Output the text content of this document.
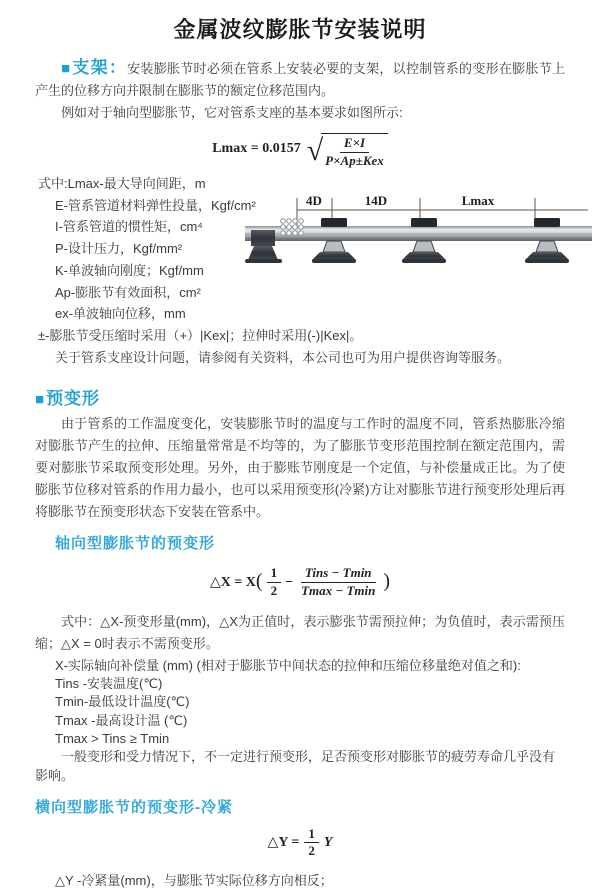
金属波纹膨胀节安装说明

■支架：安装膨胀节时必须在管系上安装必要的支架，以控制管系的变形在膨胀节上产生的位移方向并限制在膨胀节的额定位移范围内。

例如对于轴向型膨胀节，它对管系支座的基本要求如图所示:
Lmax = 0.0157 √
$\frac{E\times I}{\text{P×Ap±Kex}}$
式中:Lmax-最大导向间距，m
E-管系管道材料弹性投量，Kgf/cm²
I-管系管道的惯性矩，cm⁴
P-设计压力，Kgf/mm²
K-单波轴向刚度；Kgf/mm
Ap-膨胀节有效面积，cm²
ex-单波轴向位移，mm
±-膨胀节受压缩时采用（+）|Kex|；拉伸时采用(-)|Kex|。
关于管系支座设计问题，请参阅有关资料，本公司也可为用户提供咨询等服务。
4D	14D	Lmax
■预变形

由于管系的工作温度变化，安装膨胀节时的温度与工作时的温度不同，管系热膨胀冷缩对膨胀节产生的拉伸、压缩量常常是不均等的，为了膨胀节变形范围控制在额定范围内，需要对膨胀节采取预变形处理。另外，由于膨账节刚度是一个定值，与补偿量成正比。为了使膨胀节位移对管系的作用力最小，也可以采用预变形(冷紧)方让对膨胀节进行预变形处理后再将膨胀节在预变形状态下安装在管系中。

轴向型膨胀节的预变形
△X = X ( $\frac{1}{2} - \frac{\text{Tins − Tmin}}{Tmax - Tmin}$ )

式中：△X-预变形量(mm)，△X为正值时，表示膨张节需预拉伸；为负值时，表示需预压缩；△X = 0时表示不需预变形。

X-实际轴向补偿量 (mm) (相对于膨胀节中间状态的拉伸和压缩位移量绝对值之和):
Tins -安装温度(℃)
Tmin-最低设计温度(℃)
Tmax -最高设计温 (℃)
Tmax > Tins ≥ Tmin
一般变形和受力情况下，不一定进行预变形，足否预变形对膨胀节的疲劳寿命几乎没有影响。
横向型膨胀节的预变形-冷紧
△Y = $\frac{1}{2}$ Y
△Y -冷紧量(mm)，与膨胀节实际位移方向相反；
